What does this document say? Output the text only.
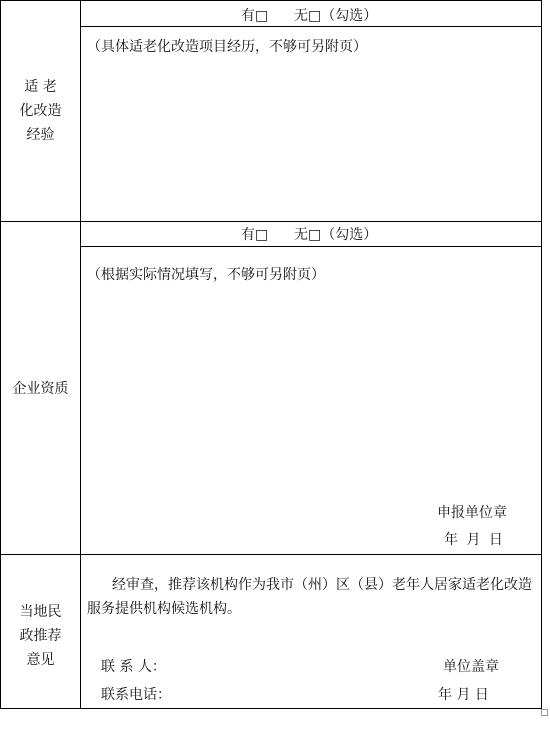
有□ 无□（勾选）
适 老
化改造
经验
（具体适老化改造项目经历，不够可另附页）
有□ 无□（勾选）
企业资质
（根据实际情况填写，不够可另附页）
申报单位章
年 月 日
当地民
政推荐
意见
经审查，推荐该机构作为我市（州）区（县）老年人居家适老化改造
服务提供机构候选机构。
联 系 人：
联系电话：
单位盖章
年 月 日
